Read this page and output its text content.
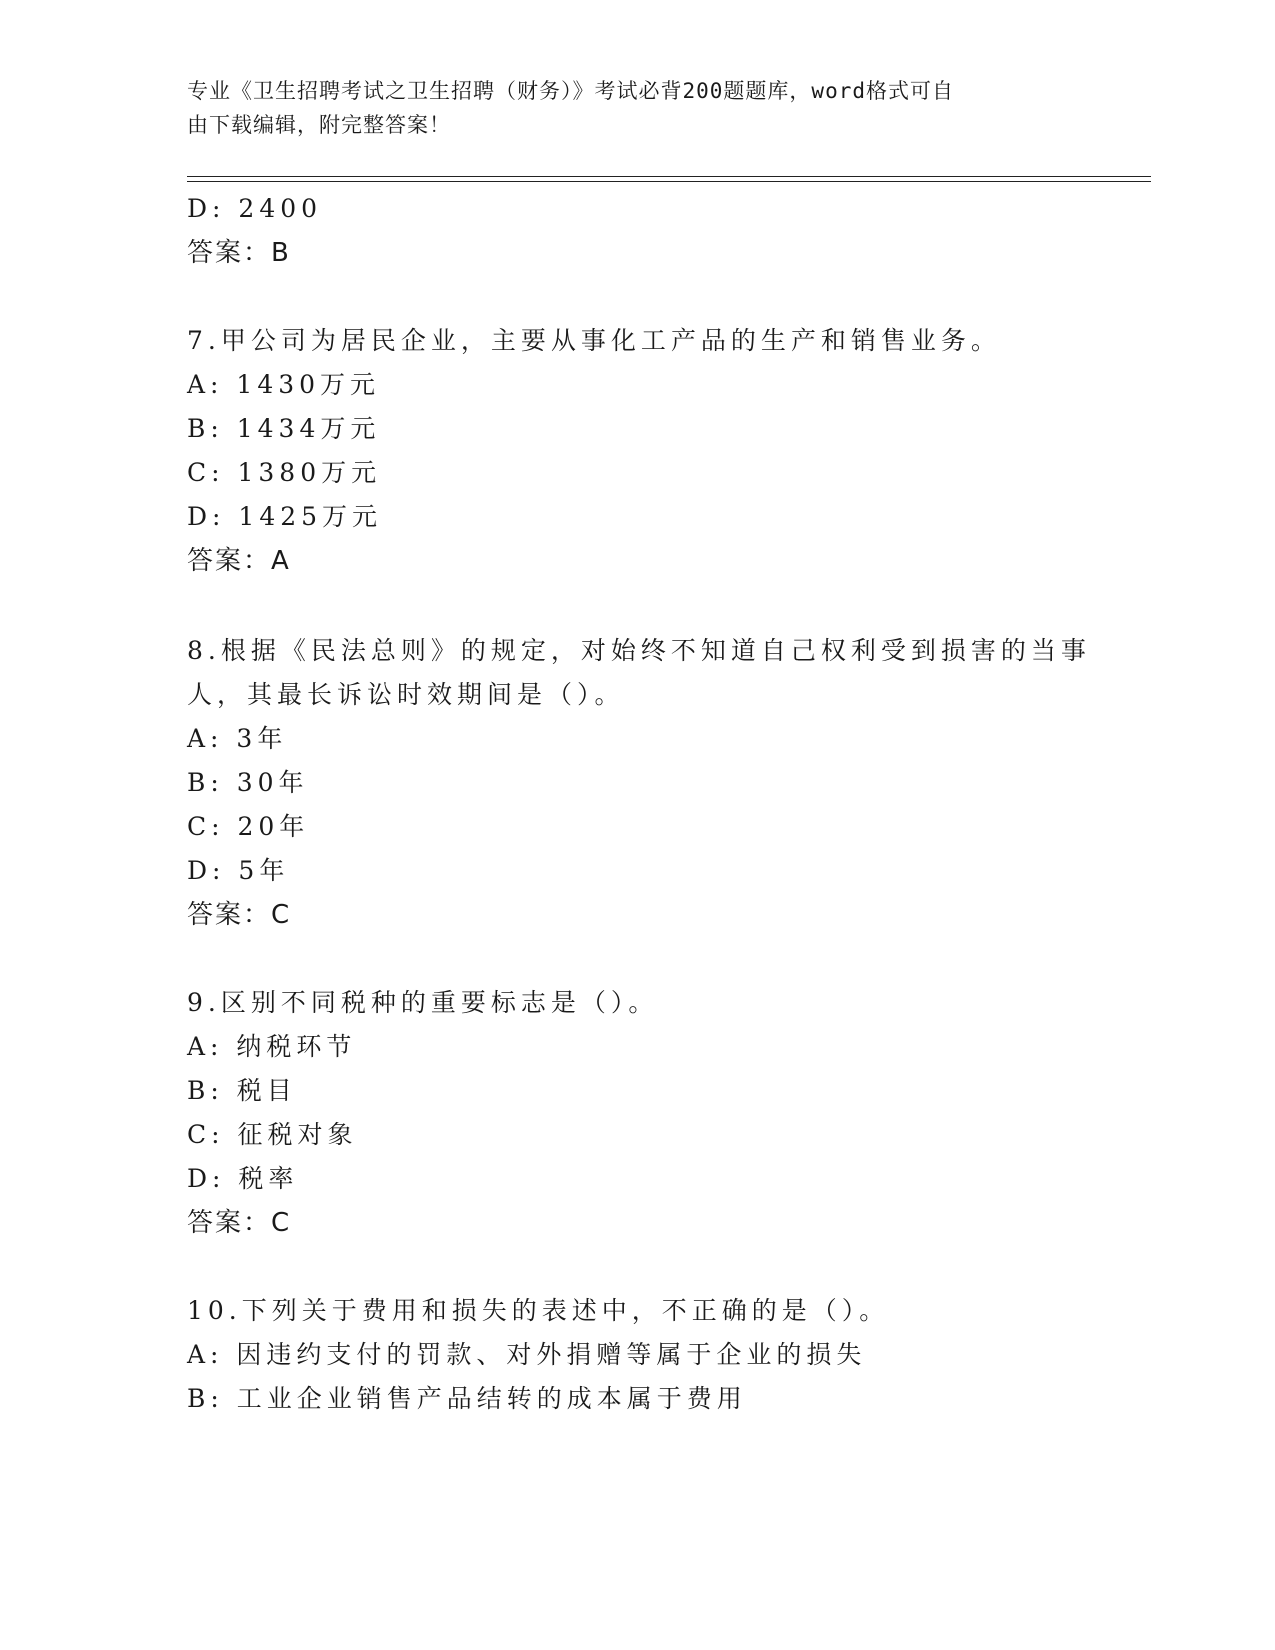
专业《卫生招聘考试之卫生招聘（财务）》考试必背200题题库，word格式可自
由下载编辑，附完整答案！
D: 2400
答案：B
7.甲公司为居民企业，主要从事化工产品的生产和销售业务。
A: 1430万元
B: 1434万元
C: 1380万元
D: 1425万元
答案：A
8.根据《民法总则》的规定，对始终不知道自己权利受到损害的当事
人，其最长诉讼时效期间是（）。
A: 3年
B: 30年
C: 20年
D: 5年
答案：C
9.区别不同税种的重要标志是（）。
A: 纳税环节
B: 税目
C: 征税对象
D: 税率
答案：C
10.下列关于费用和损失的表述中，不正确的是（）。
A: 因违约支付的罚款、对外捐赠等属于企业的损失
B: 工业企业销售产品结转的成本属于费用
